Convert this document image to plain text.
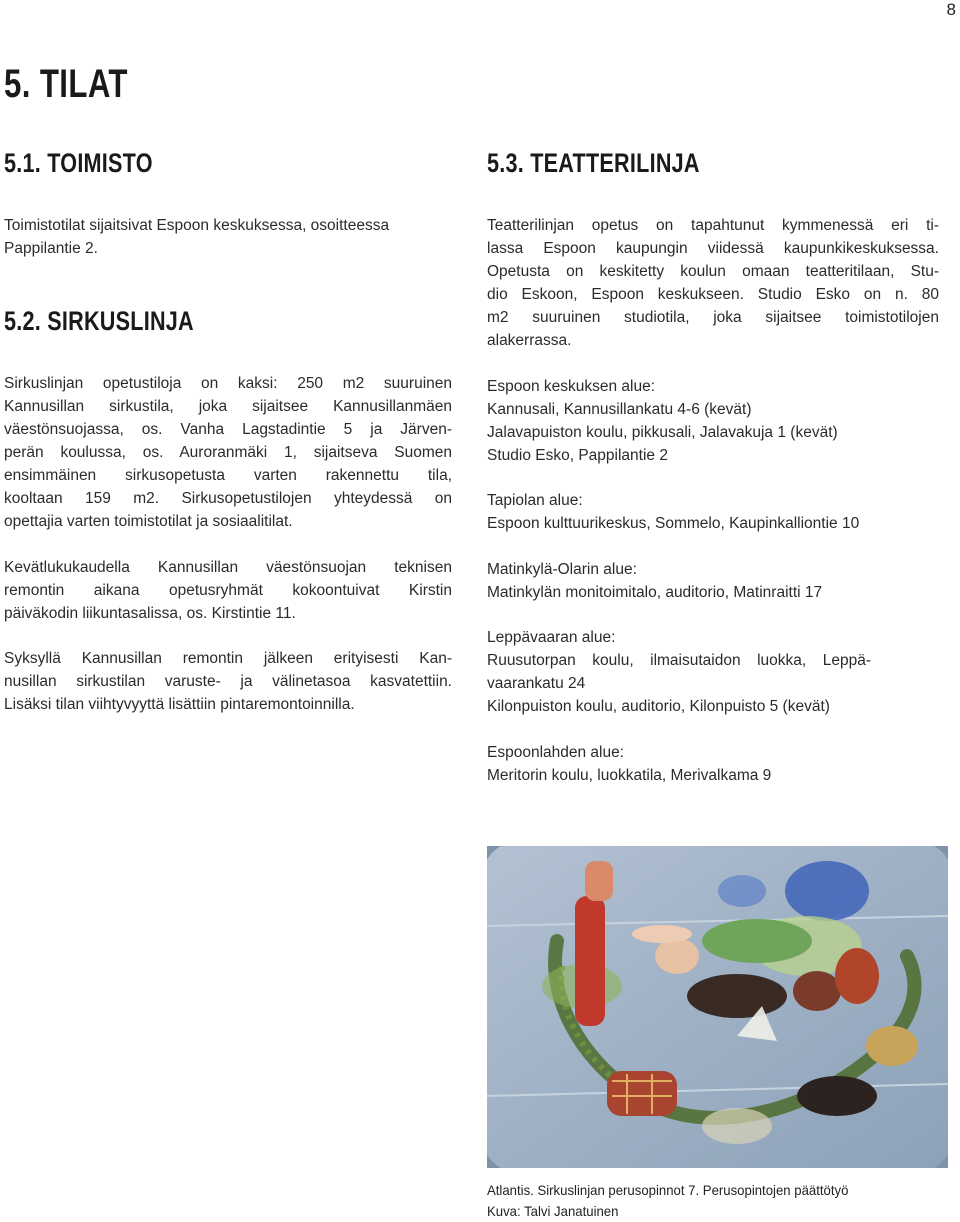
8
5. TILAT
5.1. TOIMISTO
Toimistotilat sijaitsivat Espoon keskuksessa, osoitteessa
Pappilantie 2.
5.2. SIRKUSLINJA
Sirkuslinjan opetustiloja on kaksi: 250 m2 suuruinen
Kannusillan sirkustila, joka sijaitsee Kannusillanmäen
väestönsuojassa, os. Vanha Lagstadintie 5 ja Järven-
perän koulussa, os. Auroranmäki 1, sijaitseva Suomen
ensimmäinen sirkusopetusta varten rakennettu tila,
kooltaan 159 m2. Sirkusopetustilojen yhteydessä on
opettajia varten toimistotilat ja sosiaalitilat.
Kevätlukukaudella Kannusillan väestönsuojan teknisen
remontin aikana opetusryhmät kokoontuivat Kirstin
päiväkodin liikuntasalissa, os. Kirstintie 11.
Syksyllä Kannusillan remontin jälkeen erityisesti Kan-
nusillan sirkustilan varuste- ja välinetasoa kasvatettiin.
Lisäksi tilan viihtyvyyttä lisättiin pintaremontoinnilla.
5.3. TEATTERILINJA
Teatterilinjan opetus on tapahtunut kymmenessä eri ti-
lassa Espoon kaupungin viidessä kaupunkikeskuksessa.
Opetusta on keskitetty koulun omaan teatteritilaan, Stu-
dio Eskoon, Espoon keskukseen. Studio Esko on n. 80
m2 suuruinen studiotila, joka sijaitsee toimistotilojen
alakerrassa.
Espoon keskuksen alue:
Kannusali, Kannusillankatu 4-6 (kevät)
Jalavapuiston koulu, pikkusali, Jalavakuja 1 (kevät)
Studio Esko, Pappilantie 2
Tapiolan alue:
Espoon kulttuurikeskus, Sommelo, Kaupinkalliontie 10
Matinkylä-Olarin alue:
Matinkylän monitoimitalo, auditorio, Matinraitti 17
Leppävaaran alue:
Ruusutorpan koulu, ilmaisutaidon luokka, Leppä-
vaarankatu 24
Kilonpuiston koulu, auditorio, Kilonpuisto 5 (kevät)
Espoonlahden alue:
Meritorin koulu, luokkatila, Merivalkama 9
Atlantis. Sirkuslinjan perusopinnot 7. Perusopintojen päättötyö
Kuva: Talvi Janatuinen
